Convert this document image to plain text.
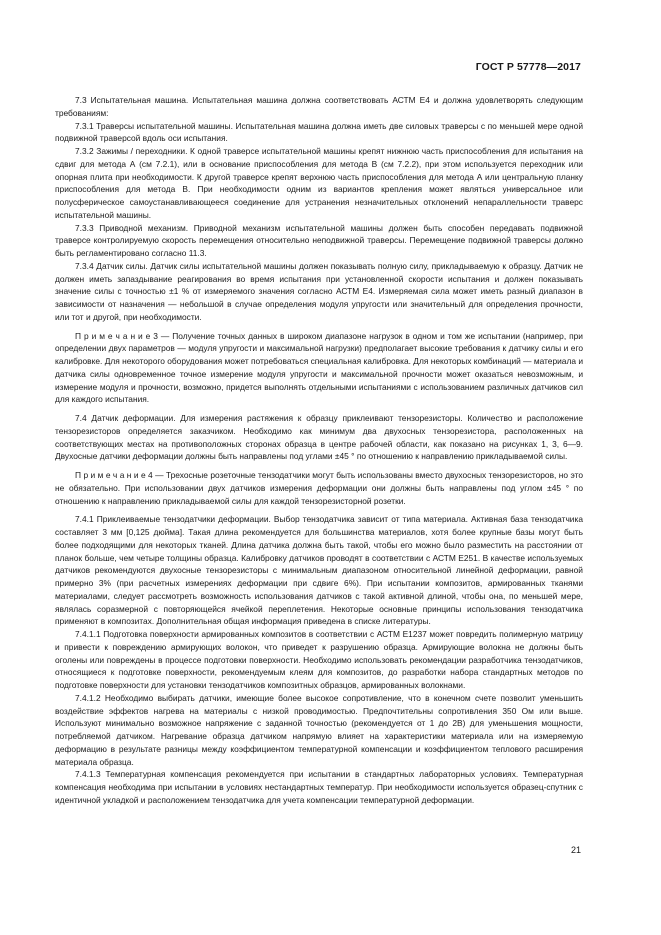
ГОСТ Р 57778—2017

7.3 Испытательная машина. Испытательная машина должна соответствовать АСТМ Е4 и должна удовлетворять следующим требованиям:

7.3.1 Траверсы испытательной машины. Испытательная машина должна иметь две силовых траверсы с по меньшей мере одной подвижной траверсой вдоль оси испытания.

7.3.2 Зажимы / переходники. К одной траверсе испытательной машины крепят нижнюю часть приспособления для испытания на сдвиг для метода А (см 7.2.1), или в основание приспособления для метода В (см 7.2.2), при этом используется переходник или опорная плита при необходимости. К другой траверсе крепят верхнюю часть приспособления для метода А или центральную планку приспособления для метода В. При необходимости одним из вариантов крепления может являться универсальное или полусферическое самоустанавливающееся соединение для устранения незначительных отклонений непараллельности траверс испытательной машины.

7.3.3 Приводной механизм. Приводной механизм испытательной машины должен быть способен передавать подвижной траверсе контролируемую скорость перемещения относительно неподвижной траверсы. Перемещение подвижной траверсы должно быть регламентировано согласно 11.3.

7.3.4 Датчик силы. Датчик силы испытательной машины должен показывать полную силу, прикладываемую к образцу. Датчик не должен иметь запаздывание реагирования во время испытания при установленной скорости испытания и должен показывать значение силы с точностью ±1 % от измеряемого значения согласно АСТМ Е4. Измеряемая сила может иметь разный диапазон в зависимости от назначения — небольшой в случае определения модуля упругости или значительный для определения прочности, или тот и другой, при необходимости.

П р и м е ч а н и е 3 — Получение точных данных в широком диапазоне нагрузок в одном и том же испытании (например, при определении двух параметров — модуля упругости и максимальной нагрузки) предполагает высокие требования к датчику силы и его калибровке. Для некоторого оборудования может потребоваться специальная калибровка. Для некоторых комбинаций — материала и датчика силы одновременное точное измерение модуля упругости и максимальной прочности может оказаться невозможным, и измерение модуля и прочности, возможно, придется выполнять отдельными испытаниями с использованием различных датчиков сил для каждого испытания.

7.4 Датчик деформации. Для измерения растяжения к образцу приклеивают тензорезисторы. Количество и расположение тензорезисторов определяется заказчиком. Необходимо как минимум два двухосных тензорезистора, расположенных на соответствующих местах на противоположных сторонах образца в центре рабочей области, как показано на рисунках 1, 3, 6—9. Двухосные датчики деформации должны быть направлены под углами ±45 ° по отношению к направлению прикладываемой силы.

П р и м е ч а н и е 4 — Трехосные розеточные тензодатчики могут быть использованы вместо двухосных тензорезисторов, но это не обязательно. При использовании двух датчиков измерения деформации они должны быть направлены под углом ±45 ° по отношению к направлению прикладываемой силы для каждой тензорезисторной розетки.

7.4.1 Приклеиваемые тензодатчики деформации. Выбор тензодатчика зависит от типа материала. Активная база тензодатчика составляет 3 мм [0,125 дюйма]. Такая длина рекомендуется для большинства материалов, хотя более крупные базы могут быть более подходящими для некоторых тканей. Длина датчика должна быть такой, чтобы его можно было разместить на расстоянии от планок больше, чем четыре толщины образца. Калибровку датчиков проводят в соответствии с АСТМ Е251. В качестве используемых датчиков рекомендуются двухосные тензорезисторы с минимальным диапазоном относительной линейной деформации, равной примерно 3% (при расчетных измерениях деформации при сдвиге 6%). При испытании композитов, армированных тканями материалами, следует рассмотреть возможность использования датчиков с такой активной длиной, чтобы она, по меньшей мере, являлась соразмерной с повторяющейся ячейкой переплетения. Некоторые основные принципы использования тензодатчика применяют в композитах. Дополнительная общая информация приведена в списке литературы.

7.4.1.1 Подготовка поверхности армированных композитов в соответствии с АСТМ Е1237 может повредить полимерную матрицу и привести к повреждению армирующих волокон, что приведет к разрушению образца. Армирующие волокна не должны быть оголены или повреждены в процессе подготовки поверхности. Необходимо использовать рекомендации разработчика тензодатчиков, относящиеся к подготовке поверхности, рекомендуемым клеям для композитов, до разработки набора стандартных методов по подготовке поверхности для установки тензодатчиков композитных образцов, армированных волокнами.

7.4.1.2 Необходимо выбирать датчики, имеющие более высокое сопротивление, что в конечном счете позволит уменьшить воздействие эффектов нагрева на материалы с низкой проводимостью. Предпочтительны сопротивления 350 Ом или выше. Используют минимально возможное напряжение с заданной точностью (рекомендуется от 1 до 2В) для уменьшения мощности, потребляемой датчиком. Нагревание образца датчиком напрямую влияет на характеристики материала или на измеряемую деформацию в результате разницы между коэффициентом температурной компенсации и коэффициентом теплового расширения материала образца.

7.4.1.3 Температурная компенсация рекомендуется при испытании в стандартных лабораторных условиях. Температурная компенсация необходима при испытании в условиях нестандартных температур. При необходимости используется образец-спутник с идентичной укладкой и расположением тензодатчика для учета компенсации температурной деформации.

21
